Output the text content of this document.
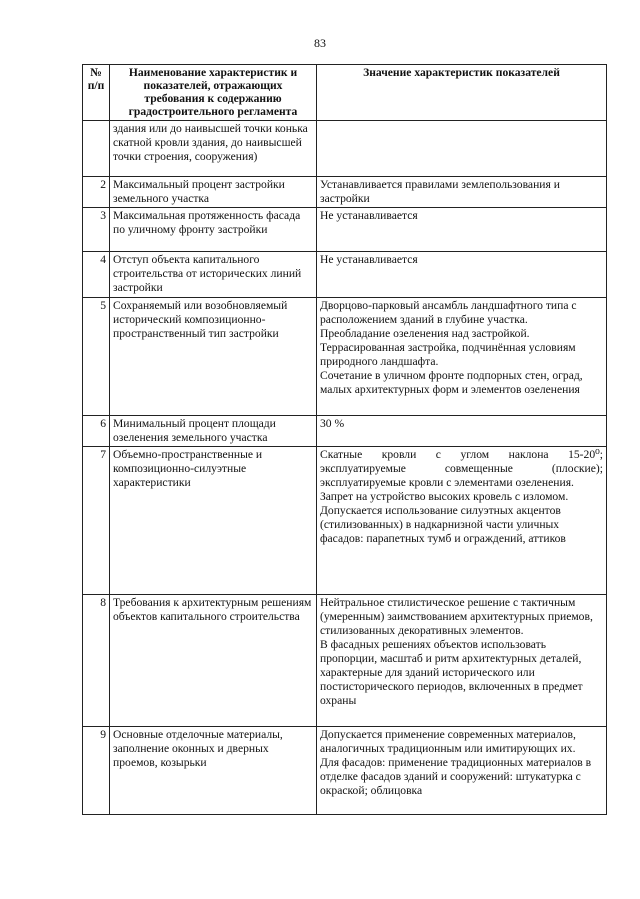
83
№ п/п	Наименование характеристик и показателей, отражающих требования к содержанию градостроительного регламента	Значение характеристик показателей
	здания или до наивысшей точки конька скатной кровли здания, до наивысшей точки строения, сооружения)	

2	Максимальный процент застройки земельного участка	Устанавливается правилами землепользования и застройки

3	Максимальная протяженность фасада по уличному фронту застройки	Не устанавливается

4	Отступ объекта капитального строительства от исторических линий застройки	Не устанавливается

5	Сохраняемый или возобновляемый исторический композиционно-пространственный тип застройки	Дворцово-парковый ансамбль ландшафтного типа с расположением зданий в глубине участка.

Преобладание озеленения над застройкой.

Террасированная застройка, подчинённая условиям природного ландшафта.

Сочетание в уличном фронте подпорных стен, оград, малых архитектурных форм и элементов озеленения

6	Минимальный процент площади озеленения земельного участка	30 %

7	Объемно-пространственные и композиционно-силуэтные характеристики	Скатные кровли с углом наклона 15-20⁰; эксплуатируемые совмещенные (плоские); эксплуатируемые кровли с элементами озеленения.

Запрет на устройство высоких кровель с изломом.

Допускается использование силуэтных акцентов (стилизованных) в надкарнизной части уличных фасадов: парапетных тумб и ограждений, аттиков

8	Требования к архитектурным решениям объектов капитального строительства	Нейтральное стилистическое решение с тактичным (умеренным) заимствованием архитектурных приемов, стилизованных декоративных элементов.

В фасадных решениях объектов использовать пропорции, масштаб и ритм архитектурных деталей, характерные для зданий исторического или постисторического периодов, включенных в предмет охраны

9	Основные отделочные материалы, заполнение оконных и дверных проемов, козырьки	Допускается применение современных материалов, аналогичных традиционным или имитирующих их.

Для фасадов: применение традиционных материалов в отделке фасадов зданий и сооружений: штукатурка с окраской; облицовка
